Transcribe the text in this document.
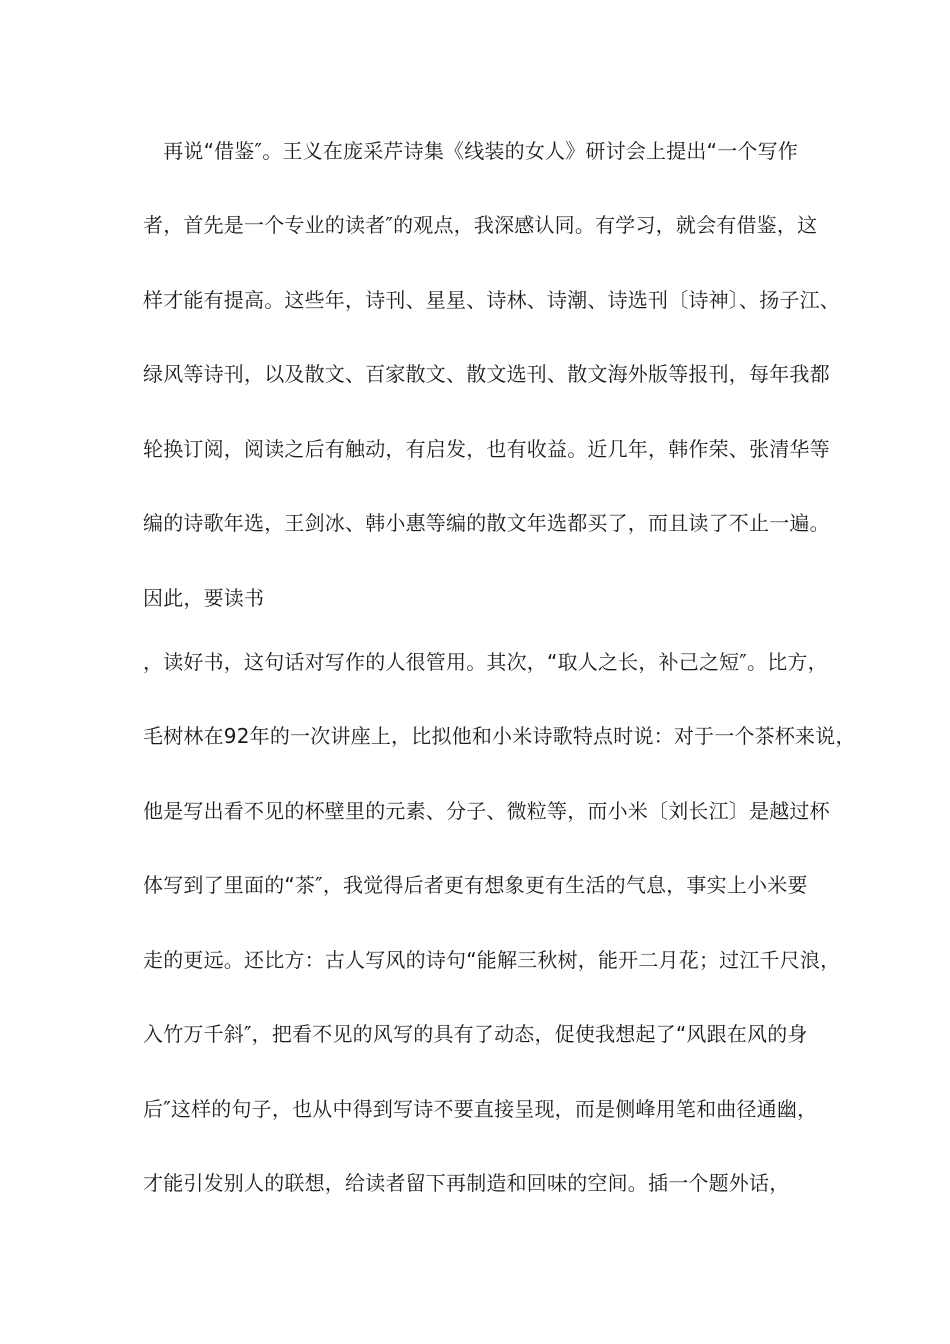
　再说“借鉴″。王义在庞采芹诗集《线装的女人》研讨会上提出“一个写作
者，首先是一个专业的读者″的观点，我深感认同。有学习，就会有借鉴，这
样才能有提高。这些年，诗刊、星星、诗林、诗潮、诗选刊〔诗神〕、扬子江、
绿风等诗刊，以及散文、百家散文、散文选刊、散文海外版等报刊，每年我都
轮换订阅，阅读之后有触动，有启发，也有收益。近几年，韩作荣、张清华等
编的诗歌年选，王剑冰、韩小惠等编的散文年选都买了，而且读了不止一遍。
因此，要读书
，读好书，这句话对写作的人很管用。其次，“取人之长，补己之短″。比方，
毛树林在92年的一次讲座上，比拟他和小米诗歌特点时说：对于一个茶杯来说，
他是写出看不见的杯壁里的元素、分子、微粒等，而小米〔刘长江〕是越过杯
体写到了里面的“茶″，我觉得后者更有想象更有生活的气息，事实上小米要
走的更远。还比方：古人写风的诗句“能解三秋树，能开二月花；过江千尺浪，
入竹万千斜″，把看不见的风写的具有了动态，促使我想起了“风跟在风的身
后″这样的句子，也从中得到写诗不要直接呈现，而是侧峰用笔和曲径通幽，
才能引发别人的联想，给读者留下再制造和回味的空间。插一个题外话，
